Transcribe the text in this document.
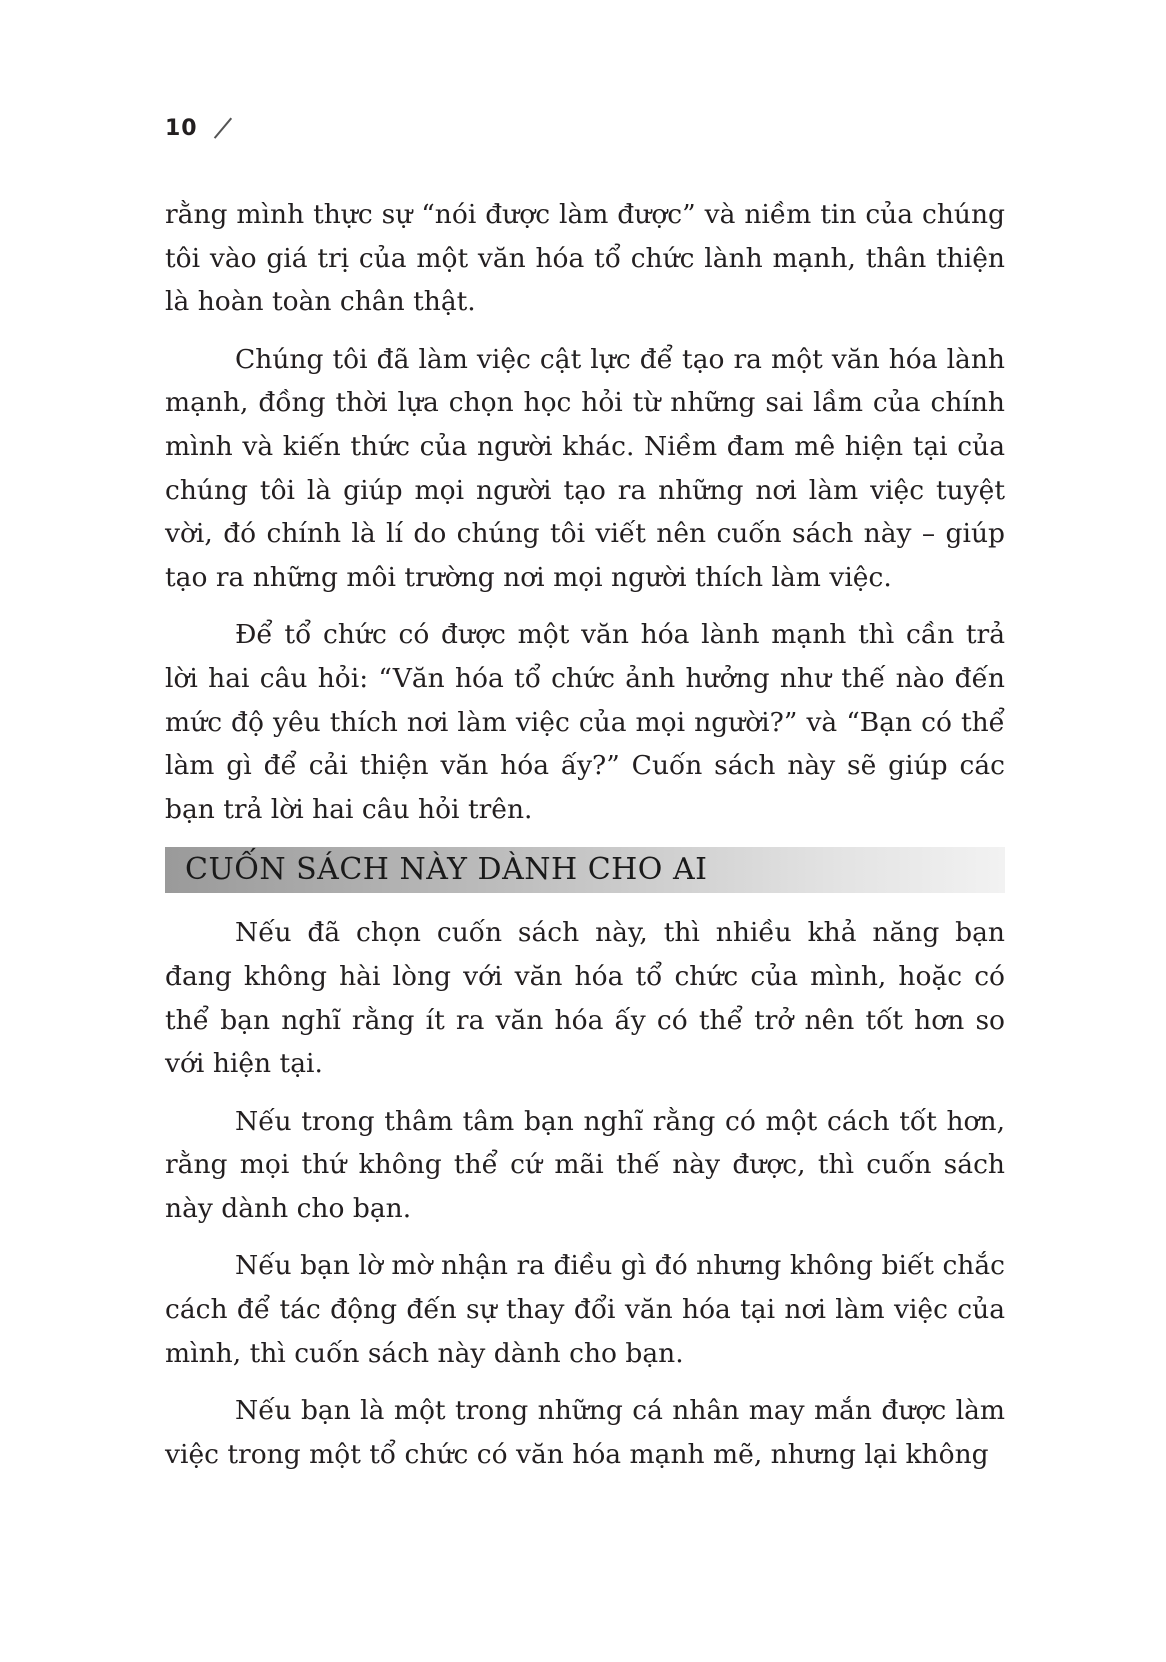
10

rằng mình thực sự “nói được làm được” và niềm tin của chúng tôi vào giá trị của một văn hóa tổ chức lành mạnh, thân thiện là hoàn toàn chân thật.

Chúng tôi đã làm việc cật lực để tạo ra một văn hóa lành mạnh, đồng thời lựa chọn học hỏi từ những sai lầm của chính mình và kiến thức của người khác. Niềm đam mê hiện tại của chúng tôi là giúp mọi người tạo ra những nơi làm việc tuyệt vời, đó chính là lí do chúng tôi viết nên cuốn sách này – giúp tạo ra những môi trường nơi mọi người thích làm việc.

Để tổ chức có được một văn hóa lành mạnh thì cần trả lời hai câu hỏi: “Văn hóa tổ chức ảnh hưởng như thế nào đến mức độ yêu thích nơi làm việc của mọi người?” và “Bạn có thể làm gì để cải thiện văn hóa ấy?” Cuốn sách này sẽ giúp các bạn trả lời hai câu hỏi trên.

CUỐN SÁCH NÀY DÀNH CHO AI

Nếu đã chọn cuốn sách này, thì nhiều khả năng bạn đang không hài lòng với văn hóa tổ chức của mình, hoặc có thể bạn nghĩ rằng ít ra văn hóa ấy có thể trở nên tốt hơn so với hiện tại.

Nếu trong thâm tâm bạn nghĩ rằng có một cách tốt hơn, rằng mọi thứ không thể cứ mãi thế này được, thì cuốn sách này dành cho bạn.

Nếu bạn lờ mờ nhận ra điều gì đó nhưng không biết chắc cách để tác động đến sự thay đổi văn hóa tại nơi làm việc của mình, thì cuốn sách này dành cho bạn.

Nếu bạn là một trong những cá nhân may mắn được làm việc trong một tổ chức có văn hóa mạnh mẽ, nhưng lại không
